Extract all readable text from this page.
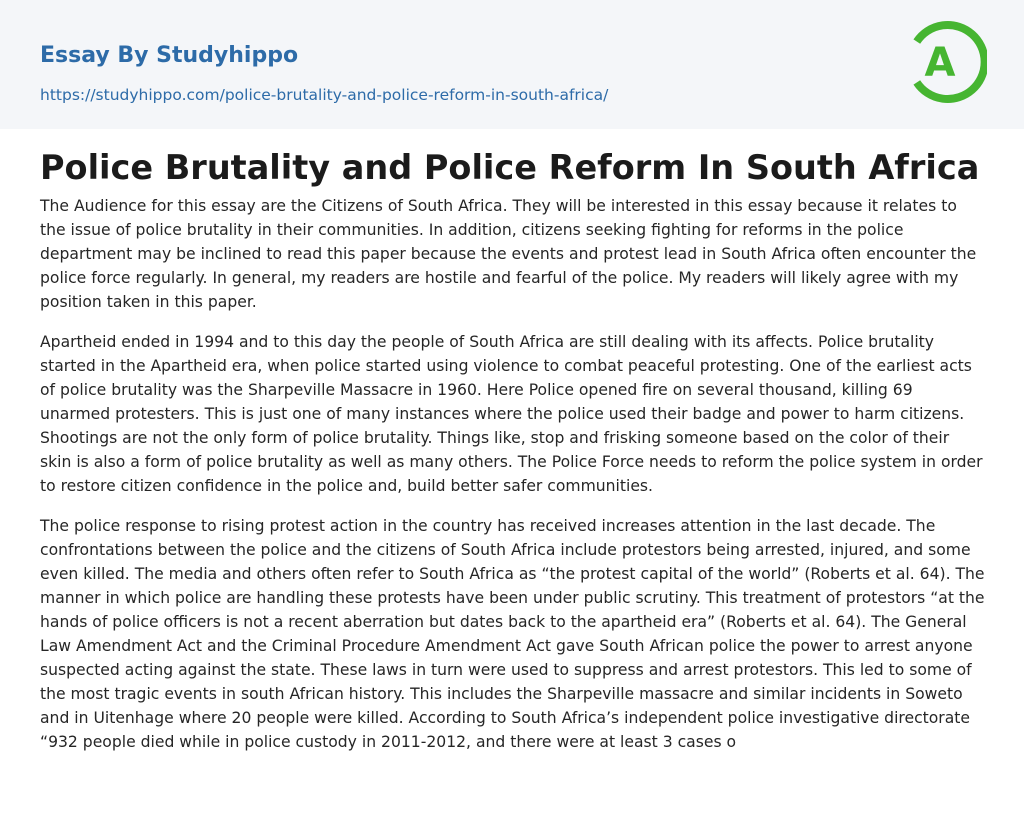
Essay By Studyhippo
https://studyhippo.com/police-brutality-and-police-reform-in-south-africa/
A
Police Brutality and Police Reform In South Africa

The Audience for this essay are the Citizens of South Africa. They will be interested in this essay because it relates to the issue of police brutality in their communities. In addition, citizens seeking fighting for reforms in the police department may be inclined to read this paper because the events and protest lead in South Africa often encounter the police force regularly. In general, my readers are hostile and fearful of the police. My readers will likely agree with my position taken in this paper.

Apartheid ended in 1994 and to this day the people of South Africa are still dealing with its affects. Police brutality started in the Apartheid era, when police started using violence to combat peaceful protesting. One of the earliest acts of police brutality was the Sharpeville Massacre in 1960. Here Police opened fire on several thousand, killing 69 unarmed protesters. This is just one of many instances where the police used their badge and power to harm citizens. Shootings are not the only form of police brutality. Things like, stop and frisking someone based on the color of their skin is also a form of police brutality as well as many others. The Police Force needs to reform the police system in order to restore citizen confidence in the police and, build better safer communities.

The police response to rising protest action in the country has received increases attention in the last decade. The confrontations between the police and the citizens of South Africa include protestors being arrested, injured, and some even killed. The media and others often refer to South Africa as “the protest capital of the world” (Roberts et al. 64). The manner in which police are handling these protests have been under public scrutiny. This treatment of protestors “at the hands of police officers is not a recent aberration but dates back to the apartheid era” (Roberts et al. 64). The General Law Amendment Act and the Criminal Procedure Amendment Act gave South African police the power to arrest anyone suspected acting against the state. These laws in turn were used to suppress and arrest protestors. This led to some of the most tragic events in south African history. This includes the Sharpeville massacre and similar incidents in Soweto and in Uitenhage where 20 people were killed. According to South Africa’s independent police investigative directorate “932 people died while in police custody in 2011-2012, and there were at least 3 cases o
